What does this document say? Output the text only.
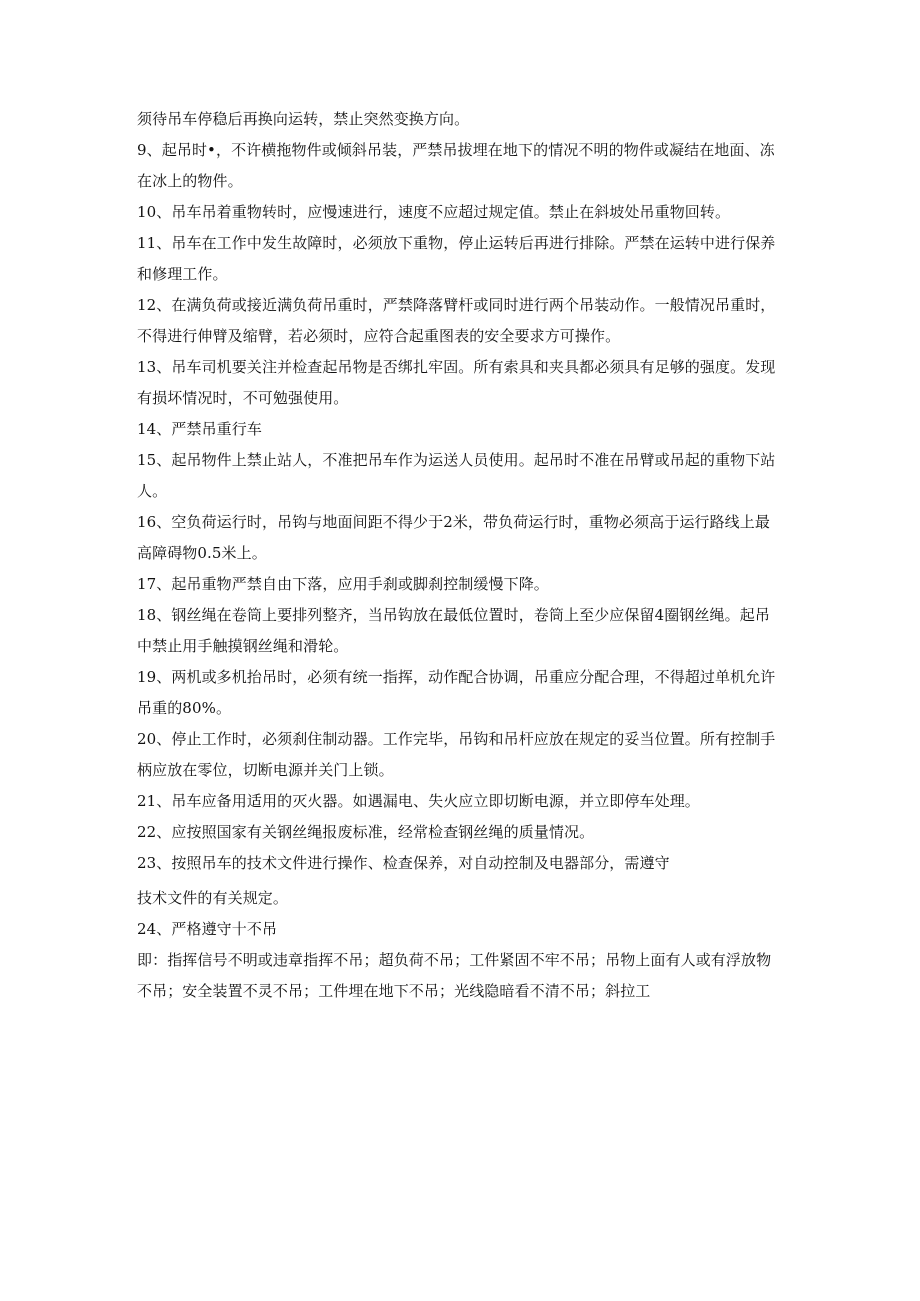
须待吊车停稳后再换向运转，禁止突然变换方向。

9、起吊时•，不许横拖物件或倾斜吊装，严禁吊拔埋在地下的情况不明的物件或凝结在地面、冻在冰上的物件。

10、吊车吊着重物转时，应慢速进行，速度不应超过规定值。禁止在斜坡处吊重物回转。

11、吊车在工作中发生故障时，必须放下重物，停止运转后再进行排除。严禁在运转中进行保养和修理工作。

12、在满负荷或接近满负荷吊重时，严禁降落臂杆或同时进行两个吊装动作。一般情况吊重时，不得进行伸臂及缩臂，若必须时，应符合起重图表的安全要求方可操作。

13、吊车司机要关注并检查起吊物是否绑扎牢固。所有索具和夹具都必须具有足够的强度。发现有损坏情况时，不可勉强使用。

14、严禁吊重行车

15、起吊物件上禁止站人，不准把吊车作为运送人员使用。起吊时不准在吊臂或吊起的重物下站人。

16、空负荷运行时，吊钩与地面间距不得少于2米，带负荷运行时，重物必须高于运行路线上最高障碍物0.5米上。

17、起吊重物严禁自由下落，应用手刹或脚刹控制缓慢下降。

18、钢丝绳在卷筒上要排列整齐，当吊钩放在最低位置时，卷筒上至少应保留4圈钢丝绳。起吊中禁止用手触摸钢丝绳和滑轮。

19、两机或多机抬吊时，必须有统一指挥，动作配合协调，吊重应分配合理，不得超过单机允许吊重的80%。

20、停止工作时，必须刹住制动器。工作完毕，吊钩和吊杆应放在规定的妥当位置。所有控制手柄应放在零位，切断电源并关门上锁。

21、吊车应备用适用的灭火器。如遇漏电、失火应立即切断电源，并立即停车处理。

22、应按照国家有关钢丝绳报废标准，经常检查钢丝绳的质量情况。

23、按照吊车的技术文件进行操作、检查保养，对自动控制及电器部分，需遵守

技术文件的有关规定。

24、严格遵守十不吊

即：指挥信号不明或违章指挥不吊；超负荷不吊；工件紧固不牢不吊；吊物上面有人或有浮放物不吊；安全装置不灵不吊；工件埋在地下不吊；光线隐暗看不清不吊；斜拉工
